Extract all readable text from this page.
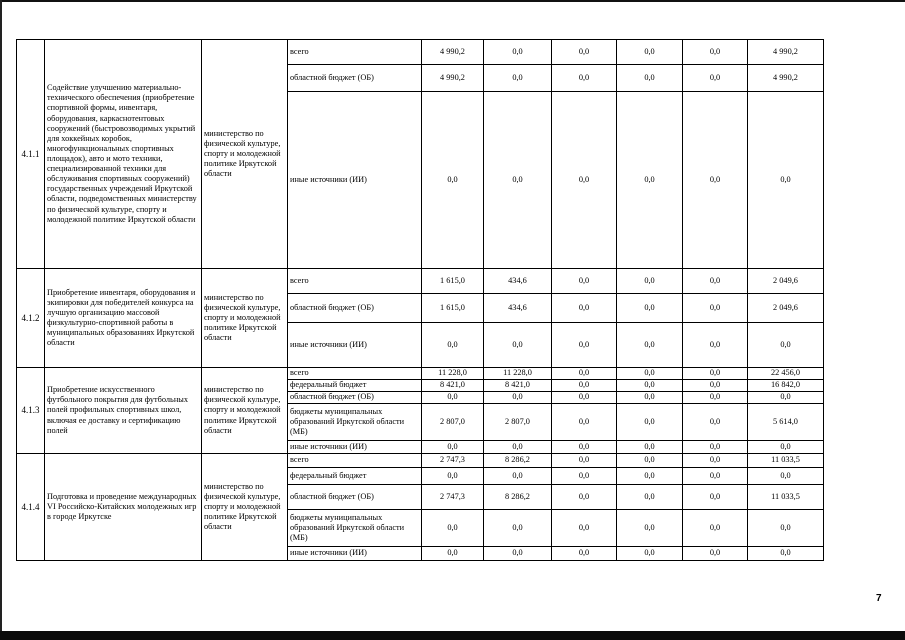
4.1.1	Содействие улучшению материально-технического обеспечения (приобретение спортивной формы, инвентаря, оборудования, каркаснотентовых сооружений (быстровозводимых укрытий для хоккейных коробок, многофункциональных спортивных площадок), авто и мото техники, специализированной техники для обслуживания спортивных сооружений) государственных учреждений Иркутской области, подведомственных министерству по физической культуре, спорту и молодежной политике Иркутской области	министерство по физической культуре, спорту и молодежной политике Иркутской области	всего	4 990,2	0,0	0,0	0,0	0,0	4 990,2
			областной бюджет (ОБ)	4 990,2	0,0	0,0	0,0	0,0	4 990,2
			иные источники (ИИ)	0,0	0,0	0,0	0,0	0,0	0,0
4.1.2	Приобретение инвентаря, оборудования и экипировки для победителей конкурса на лучшую организацию массовой физкультурно-спортивной работы в муниципальных образованиях Иркутской области	министерство по физической культуре, спорту и молодежной политике Иркутской области	всего	1 615,0	434,6	0,0	0,0	0,0	2 049,6
			областной бюджет (ОБ)	1 615,0	434,6	0,0	0,0	0,0	2 049,6
			иные источники (ИИ)	0,0	0,0	0,0	0,0	0,0	0,0
4.1.3	Приобретение искусственного футбольного покрытия для футбольных полей профильных спортивных школ, включая ее доставку и сертификацию полей	министерство по физической культуре, спорту и молодежной политике Иркутской области	всего	11 228,0	11 228,0	0,0	0,0	0,0	22 456,0
			федеральный бюджет	8 421,0	8 421,0	0,0	0,0	0,0	16 842,0
			областной бюджет (ОБ)	0,0	0,0	0,0	0,0	0,0	0,0
			бюджеты муниципальных образований Иркутской области (МБ)	2 807,0	2 807,0	0,0	0,0	0,0	5 614,0
			иные источники (ИИ)	0,0	0,0	0,0	0,0	0,0	0,0
4.1.4	Подготовка и проведение международных VI Российско-Китайских молодежных игр в городе Иркутске	министерство по физической культуре, спорту и молодежной политике Иркутской области	всего	2 747,3	8 286,2	0,0	0,0	0,0	11 033,5
			федеральный бюджет	0,0	0,0	0,0	0,0	0,0	0,0
			областной бюджет (ОБ)	2 747,3	8 286,2	0,0	0,0	0,0	11 033,5
			бюджеты муниципальных образований Иркутской области (МБ)	0,0	0,0	0,0	0,0	0,0	0,0
			иные источники (ИИ)	0,0	0,0	0,0	0,0	0,0	0,0
7
